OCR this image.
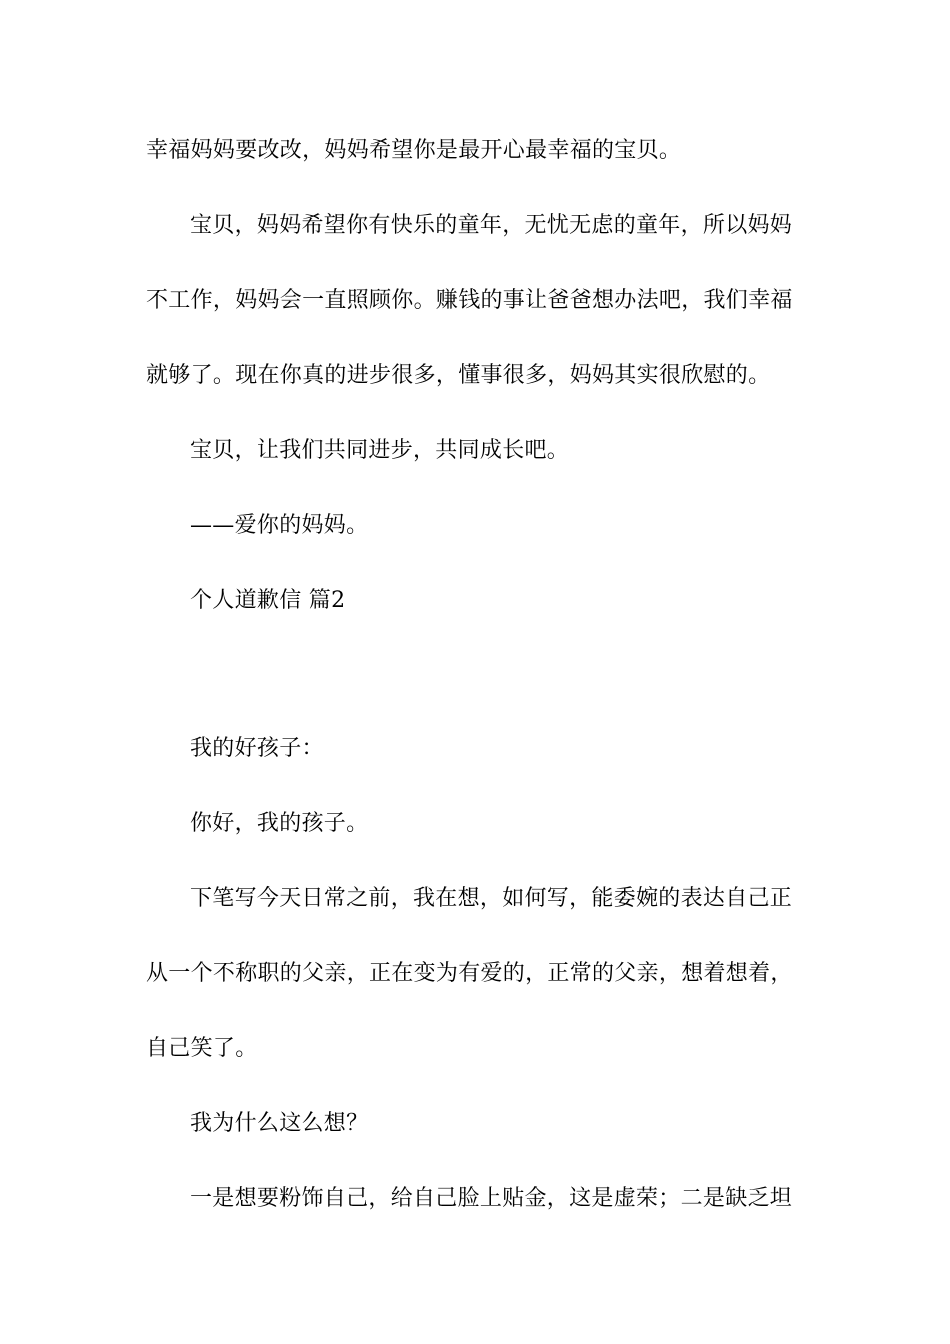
幸福妈妈要改改，妈妈希望你是最开心最幸福的宝贝。
宝贝，妈妈希望你有快乐的童年，无忧无虑的童年，所以妈妈
不工作，妈妈会一直照顾你。赚钱的事让爸爸想办法吧，我们幸福
就够了。现在你真的进步很多，懂事很多，妈妈其实很欣慰的。
宝贝，让我们共同进步，共同成长吧。
——爱你的妈妈。
个人道歉信 篇2
我的好孩子：
你好，我的孩子。
下笔写今天日常之前，我在想，如何写，能委婉的表达自己正
从一个不称职的父亲，正在变为有爱的，正常的父亲，想着想着，
自己笑了。
我为什么这么想？
一是想要粉饰自己，给自己脸上贴金，这是虚荣；二是缺乏坦
